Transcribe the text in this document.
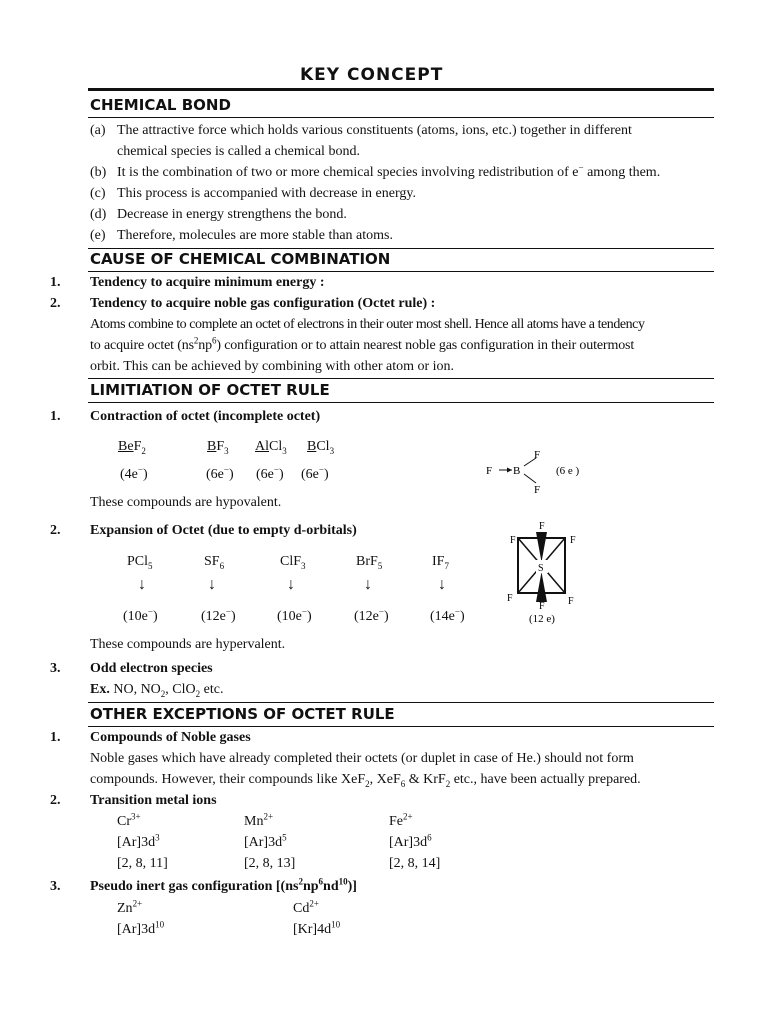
KEY CONCEPT
CHEMICAL BOND
(a) The attractive force which holds various constituents (atoms, ions, etc.) together in different
chemical species is called a chemical bond.
(b) It is the combination of two or more chemical species involving redistribution of e− among them.
(c) This process is accompanied with decrease in energy.
(d) Decrease in energy strengthens the bond.
(e) Therefore, molecules are more stable than atoms.
CAUSE OF CHEMICAL COMBINATION
1. Tendency to acquire minimum energy :
2. Tendency to acquire noble gas configuration (Octet rule) :
Atoms combine to complete an octet of electrons in their outer most shell. Hence all atoms have a tendency
to acquire octet $(ns^2np^6)$ configuration or to attain nearest noble gas configuration in their outermost
orbit. This can be achieved by combining with other atom or ion.
LIMITIATION OF OCTET RULE
1. Contraction of octet (incomplete octet)
BeF$_2$	$BF_3$ AlCl$_3$ BCl$_3$
(4e−)	(6e−) (6e−) (6e−)
F
F B
F
(6 e )
These compounds are hypovalent.
2. Expansion of Octet (due to empty d-orbitals)
PCl$_5$	$SF_6$	ClF$_3$	BrF$_5$	$IF_7$
↓	↓	↓	↓	↓
(10e−)	(12e−)	(10e−)	(12e−)	(14e−)
S
F
F	F
F	F
F
(12 e)
These compounds are hypervalent.
3. Odd electron species
Ex. NO, $NO_2$, ClO$_2$ etc.
OTHER EXCEPTIONS OF OCTET RULE
1. Compounds of Noble gases
Noble gases which have already completed their octets (or duplet in case of He.) should not form
compounds. However, their compounds like XeF$_2$, XeF$_6$ & KrF$_2$ etc., have been actually prepared.
2. Transition metal ions
$Cr^{3+}$	$Mn^{2+}$	$Fe^{2+}$
$[Ar]3d^3$	$[Ar]3d^5$	$[Ar]3d^6$
[2, 8, 11]	[2, 8, 13]	[2, 8, 14]
3. Pseudo inert gas configuration $[(ns^2np^6nd^{10})]$
$Zn^{2+}$	$Cd^{2+}$
$[Ar]3d^{10}$	$[Kr]4d^{10}$
